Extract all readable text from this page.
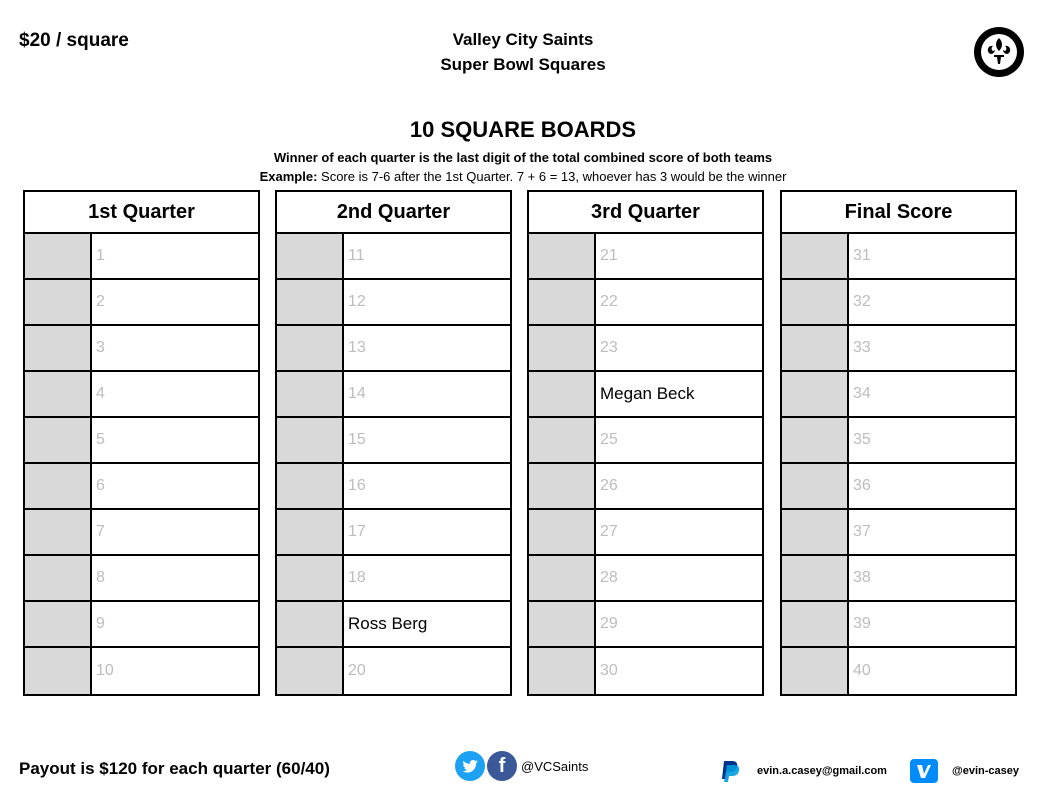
$20 / square	Valley City Saints
Super Bowl Squares
10 SQUARE BOARDS
Winner of each quarter is the last digit of the total combined score of both teams
Example: Score is 7-6 after the 1st Quarter. 7 + 6 = 13, whoever has 3 would be the winner
1st Quarter
1
2
3
4
5
6
7
8
9
10
2nd Quarter
11
12
13
14
15
16
17
18
Ross Berg
20
3rd Quarter
21
22
23
Megan Beck
25
26
27
28
29
30
Final Score
31
32
33
34
35
36
37
38
39
40
Payout is $120 for each quarter (60/40)	f @VCSaints	evin.a.casey@gmail.com	@evin-casey
